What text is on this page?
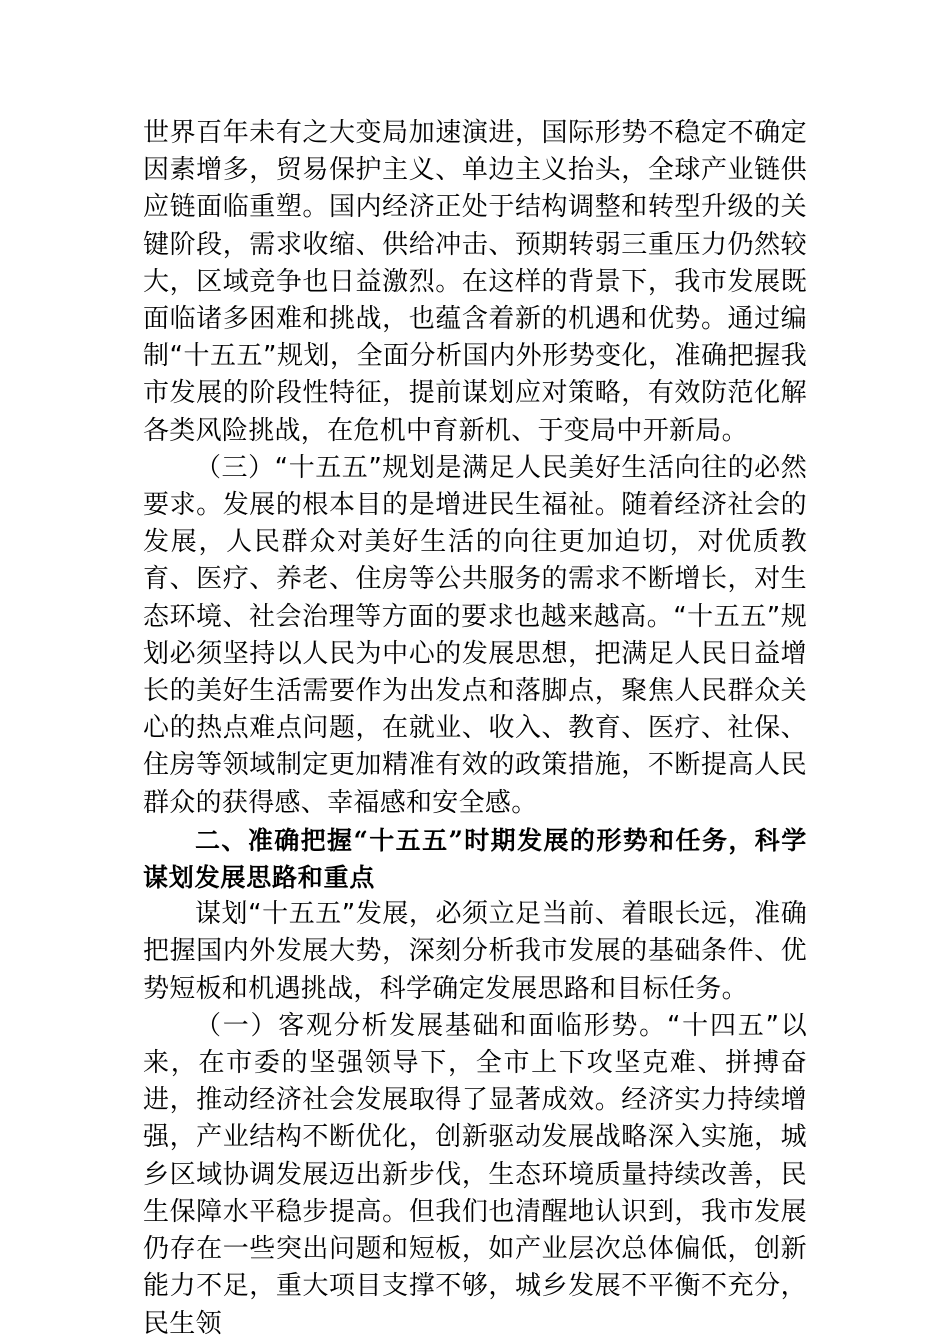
世界百年未有之大变局加速演进，国际形势不稳定不确定因素增多，贸易保护主义、单边主义抬头，全球产业链供应链面临重塑。国内经济正处于结构调整和转型升级的关键阶段，需求收缩、供给冲击、预期转弱三重压力仍然较大，区域竞争也日益激烈。在这样的背景下，我市发展既面临诸多困难和挑战，也蕴含着新的机遇和优势。通过编制“十五五”规划，全面分析国内外形势变化，准确把握我市发展的阶段性特征，提前谋划应对策略，有效防范化解各类风险挑战，在危机中育新机、于变局中开新局。

（三）“十五五”规划是满足人民美好生活向往的必然要求。发展的根本目的是增进民生福祉。随着经济社会的发展，人民群众对美好生活的向往更加迫切，对优质教育、医疗、养老、住房等公共服务的需求不断增长，对生态环境、社会治理等方面的要求也越来越高。“十五五”规划必须坚持以人民为中心的发展思想，把满足人民日益增长的美好生活需要作为出发点和落脚点，聚焦人民群众关心的热点难点问题，在就业、收入、教育、医疗、社保、住房等领域制定更加精准有效的政策措施，不断提高人民群众的获得感、幸福感和安全感。

二、准确把握“十五五”时期发展的形势和任务，科学谋划发展思路和重点

谋划“十五五”发展，必须立足当前、着眼长远，准确把握国内外发展大势，深刻分析我市发展的基础条件、优势短板和机遇挑战，科学确定发展思路和目标任务。

（一）客观分析发展基础和面临形势。“十四五”以来，在市委的坚强领导下，全市上下攻坚克难、拼搏奋进，推动经济社会发展取得了显著成效。经济实力持续增强，产业结构不断优化，创新驱动发展战略深入实施，城乡区域协调发展迈出新步伐，生态环境质量持续改善，民生保障水平稳步提高。但我们也清醒地认识到，我市发展仍存在一些突出问题和短板，如产业层次总体偏低，创新能力不足，重大项目支撑不够，城乡发展不平衡不充分，民生领
